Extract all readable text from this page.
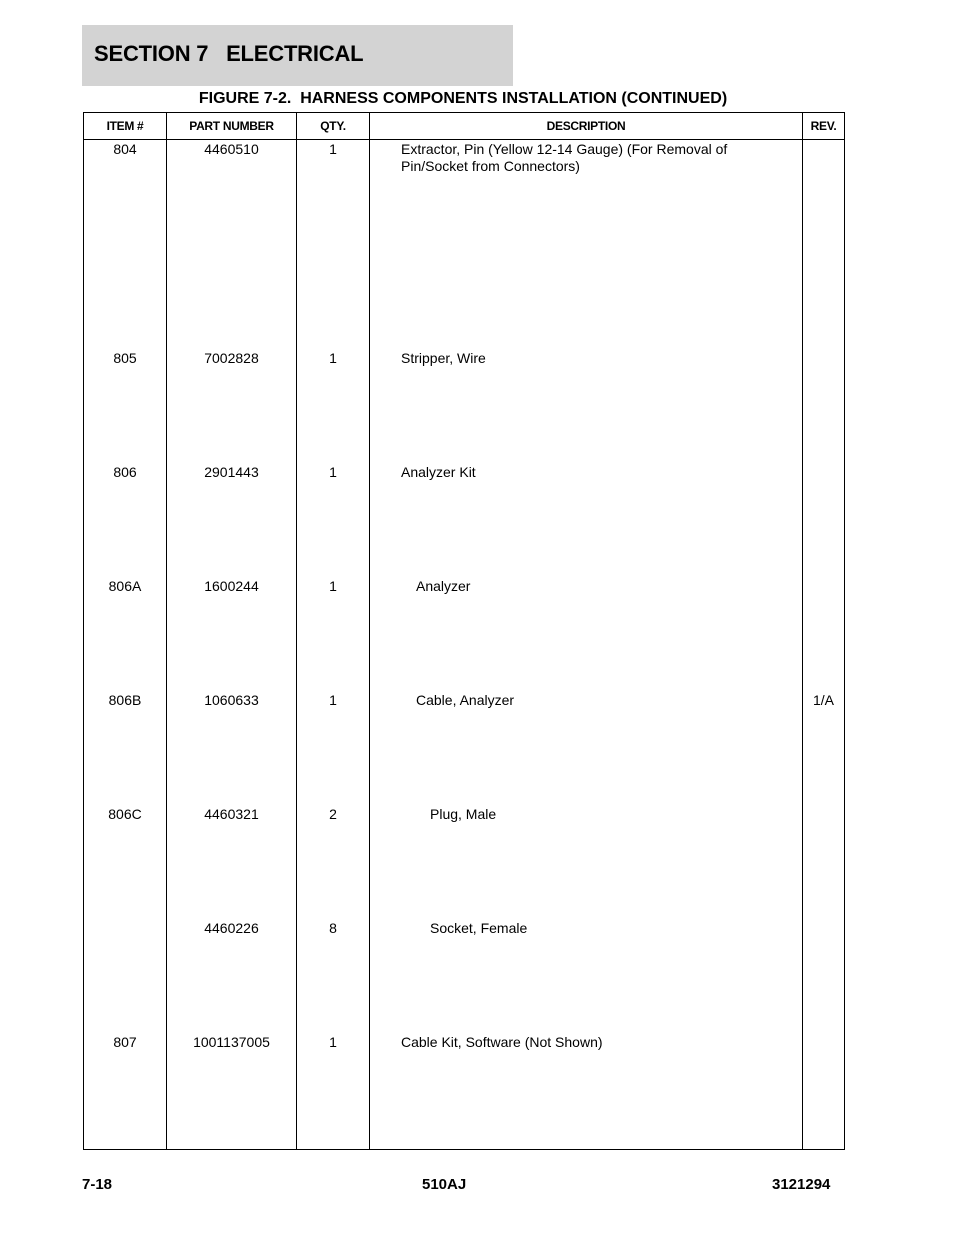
SECTION 7   ELECTRICAL
FIGURE 7-2.  HARNESS COMPONENTS INSTALLATION (CONTINUED)
ITEM #	PART NUMBER	QTY.	DESCRIPTION	REV.
804	4460510	1	Extractor, Pin (Yellow 12-14 Gauge) (For Removal of Pin/Socket from Connectors)	
805	7002828	1	Stripper, Wire	
806	2901443	1	Analyzer Kit	
806A	1600244	1	Analyzer	
806B	1060633	1	Cable, Analyzer	1/A
806C	4460321	2	Plug, Male	
	4460226	8	Socket, Female	
807	1001137005	1	Cable Kit, Software (Not Shown)	

7-18	510AJ	3121294
